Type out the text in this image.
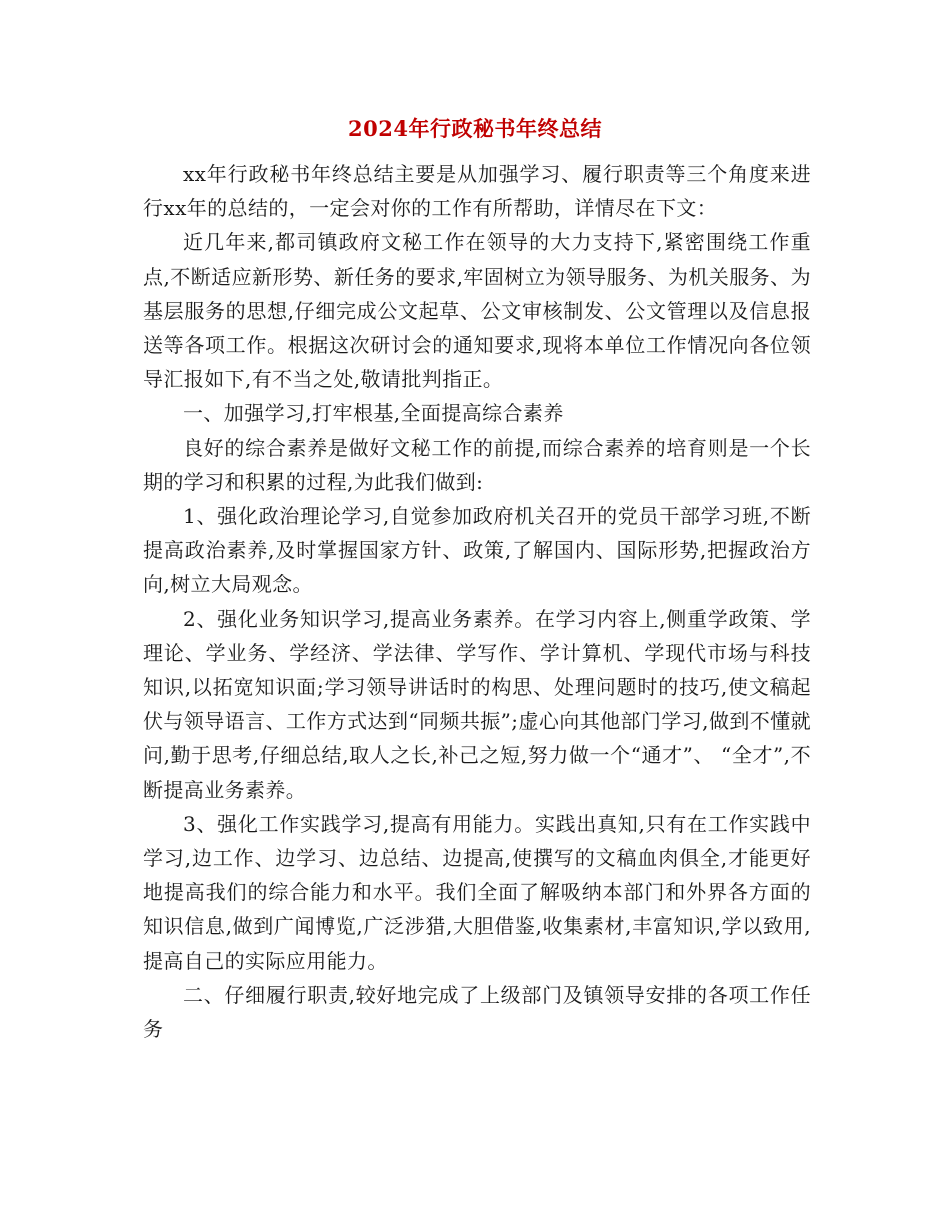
2024年行政秘书年终总结

xx年行政秘书年终总结主要是从加强学习、履行职责等三个角度来进行xx年的总结的，一定会对你的工作有所帮助，详情尽在下文：

近几年来,都司镇政府文秘工作在领导的大力支持下,紧密围绕工作重点,不断适应新形势、新任务的要求,牢固树立为领导服务、为机关服务、为基层服务的思想,仔细完成公文起草、公文审核制发、公文管理以及信息报送等各项工作。根据这次研讨会的通知要求,现将本单位工作情况向各位领导汇报如下,有不当之处,敬请批判指正。

一、加强学习,打牢根基,全面提高综合素养

良好的综合素养是做好文秘工作的前提,而综合素养的培育则是一个长期的学习和积累的过程,为此我们做到:

1、强化政治理论学习,自觉参加政府机关召开的党员干部学习班,不断提高政治素养,及时掌握国家方针、政策,了解国内、国际形势,把握政治方向,树立大局观念。

2、强化业务知识学习,提高业务素养。在学习内容上,侧重学政策、学理论、学业务、学经济、学法律、学写作、学计算机、学现代市场与科技知识,以拓宽知识面;学习领导讲话时的构思、处理问题时的技巧,使文稿起伏与领导语言、工作方式达到“同频共振”;虚心向其他部门学习,做到不懂就问,勤于思考,仔细总结,取人之长,补己之短,努力做一个“通才”、 “全才”,不断提高业务素养。

3、强化工作实践学习,提高有用能力。实践出真知,只有在工作实践中学习,边工作、边学习、边总结、边提高,使撰写的文稿血肉俱全,才能更好地提高我们的综合能力和水平。我们全面了解吸纳本部门和外界各方面的知识信息,做到广闻博览,广泛涉猎,大胆借鉴,收集素材,丰富知识,学以致用,提高自己的实际应用能力。

二、仔细履行职责,较好地完成了上级部门及镇领导安排的各项工作任务
